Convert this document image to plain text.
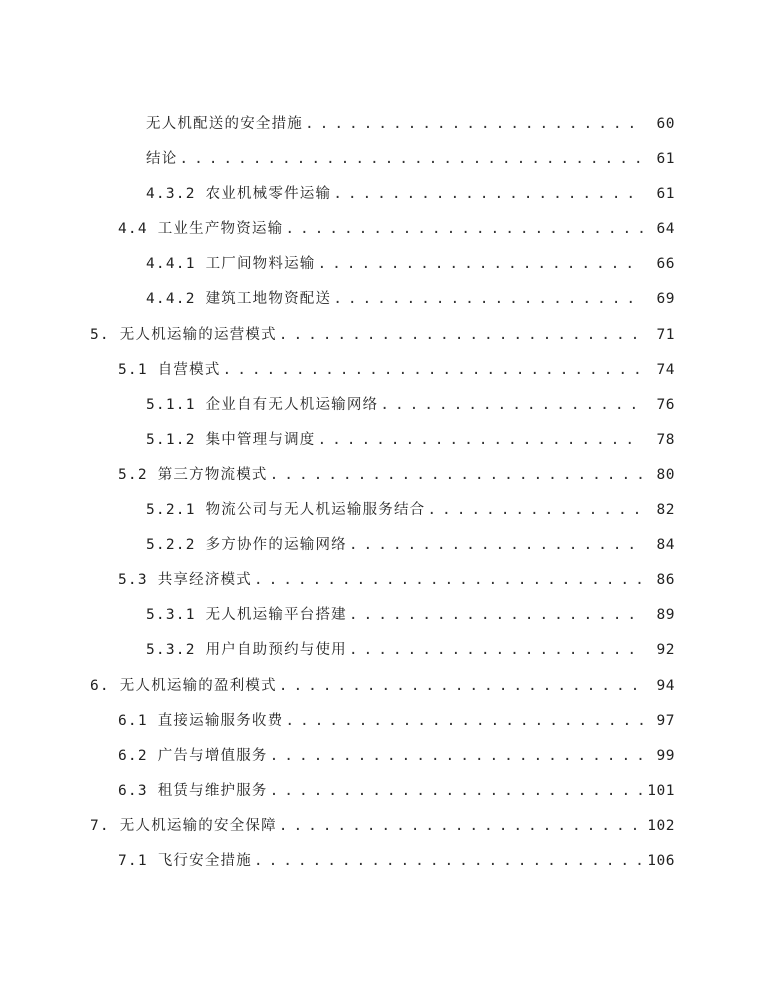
无人机配送的安全措施 . . .	60
结论 . . .	61
4.3.2 农业机械零件运输 . . .	61
4.4 工业生产物资运输 . . .	64
4.4.1 工厂间物料运输 . . .	66
4.4.2 建筑工地物资配送 . . .	69
5. 无人机运输的运营模式 . . .	71
5.1 自营模式 . . .	74
5.1.1 企业自有无人机运输网络 . . .	76
5.1.2 集中管理与调度 . . .	78
5.2 第三方物流模式 . . .	80
5.2.1 物流公司与无人机运输服务结合 . . .	82
5.2.2 多方协作的运输网络 . . .	84
5.3 共享经济模式 . . .	86
5.3.1 无人机运输平台搭建 . . .	89
5.3.2 用户自助预约与使用 . . .	92
6. 无人机运输的盈利模式 . . .	94
6.1 直接运输服务收费 . . .	97
6.2 广告与增值服务 . . .	99
6.3 租赁与维护服务 . . .	101
7. 无人机运输的安全保障 . . .	102
7.1 飞行安全措施 . . .	106
